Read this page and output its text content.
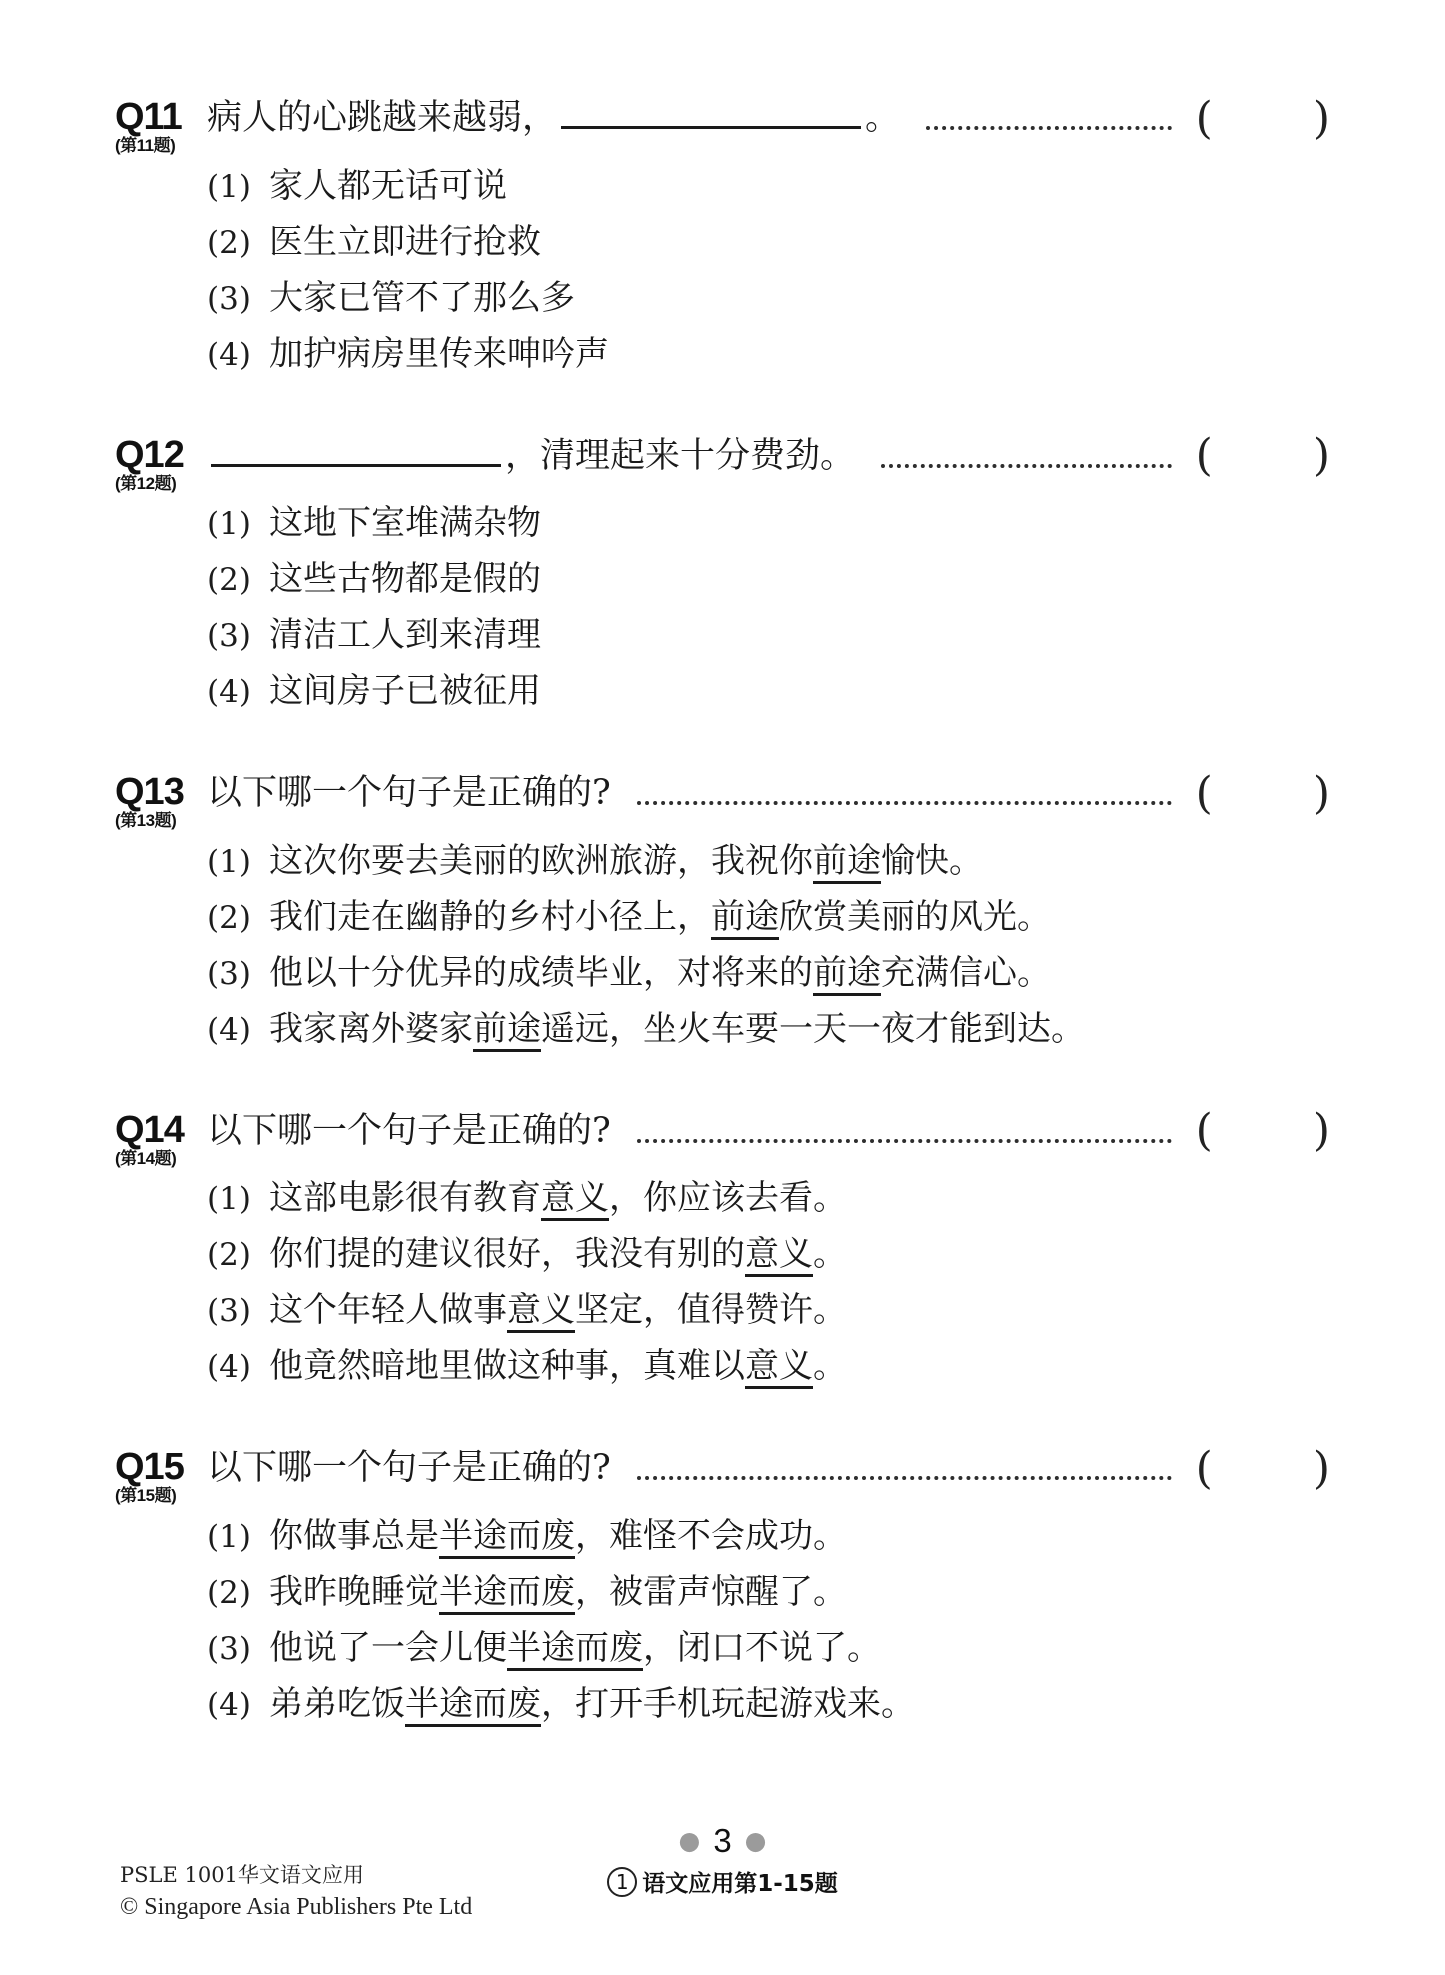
Q11
(第11题)
病人的心跳越来越弱，	。	( )
(1) 家人都无话可说
(2) 医生立即进行抢救
(3) 大家已管不了那么多
(4) 加护病房里传来呻吟声
Q12
(第12题)
，清理起来十分费劲。	( )
(1) 这地下室堆满杂物
(2) 这些古物都是假的
(3) 清洁工人到来清理
(4) 这间房子已被征用
Q13
(第13题)
以下哪一个句子是正确的?	( )
(1) 这次你要去美丽的欧洲旅游，我祝你前途愉快。
(2) 我们走在幽静的乡村小径上，前途欣赏美丽的风光。
(3) 他以十分优异的成绩毕业，对将来的前途充满信心。
(4) 我家离外婆家前途遥远，坐火车要一天一夜才能到达。
Q14
(第14题)
以下哪一个句子是正确的?	( )
(1) 这部电影很有教育意义，你应该去看。
(2) 你们提的建议很好，我没有别的意义。
(3) 这个年轻人做事意义坚定，值得赞许。
(4) 他竟然暗地里做这种事，真难以意义。
Q15
(第15题)
以下哪一个句子是正确的?	( )
(1) 你做事总是半途而废，难怪不会成功。
(2) 我昨晚睡觉半途而废，被雷声惊醒了。
(3) 他说了一会儿便半途而废，闭口不说了。
(4) 弟弟吃饭半途而废，打开手机玩起游戏来。
● 3 ●
1 语文应用第1-15题
PSLE 1001华文语文应用
© Singapore Asia Publishers Pte Ltd
